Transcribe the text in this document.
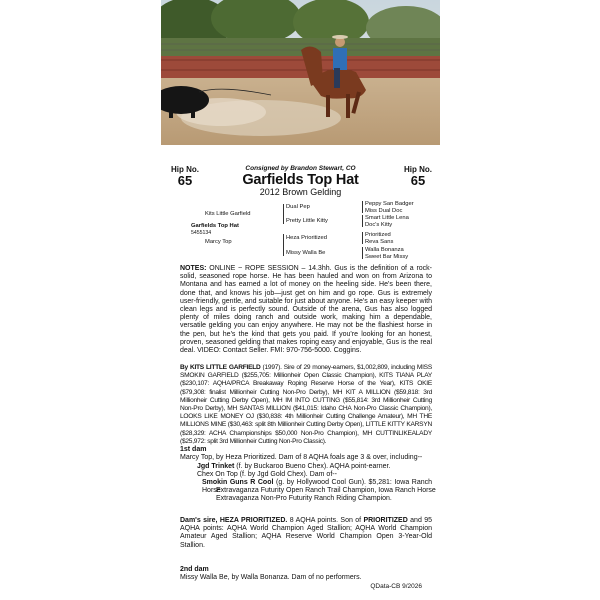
Hip No.
65
Hip No.
65
Consigned by Brandon Stewart, CO
Garfields Top Hat
2012 Brown Gelding
Kits Little Garfield
Garfields Top Hat
5455134
Marcy Top
Dual Pep
Pretty Little Kitty
Heza Prioritized
Missy Walla Be
Peppy San Badger
Miss Dual Doc
Smart Little Lena
Doc's Kitty
Prioritized
Reva Sans
Walla Bonanza
Sweet Bar Missy
NOTES: ONLINE ~ ROPE SESSION – 14.3hh. Gus is the definition of a rock-solid, seasoned rope horse. He has been hauled and won on from Arizona to Montana and has earned a lot of money on the heeling side. He's been there, done that, and knows his job—just get on him and go rope. Gus is extremely user-friendly, gentle, and suitable for just about anyone. He's an easy keeper with clean legs and is perfectly sound. Outside of the arena, Gus has also logged plenty of miles doing ranch and outside work, making him a dependable, versatile gelding you can enjoy anywhere. He may not be the flashiest horse in the pen, but he's the kind that gets you paid. If you're looking for an honest, proven, seasoned gelding that makes roping easy and enjoyable, Gus is the real deal. VIDEO: Contact Seller. FMI: 970-756-5000. Coggins.
By KITS LITTLE GARFIELD (1997). Sire of 29 money-earners, $1,002,809, including MISS SMOKIN GARFIELD ($255,705: Millionheir Open Classic Champion), KITS TIANA PLAY ($230,107: AQHA/PRCA Breakaway Roping Reserve Horse of the Year), KITS OKIE ($79,308: finalist Millionheir Cutting Non-Pro Derby), MH KIT A MILLION ($59,818: 3rd Millionheir Cutting Derby Open), MH IM INTO CUTTING ($55,814: 3rd Millionheir Cutting Non-Pro Derby), MH SANTAS MILLION ($41,015: Idaho CHA Non-Pro Classic Champion), LOOKS LIKE MONEY OJ ($30,838: 4th Millionheir Cutting Challenge Amateur), MH THE MILLIONS MINE ($30,463: split 8th Millionheir Cutting Derby Open), LITTLE KITTY KARSYN ($28,329: ACHA Championships $50,000 Non-Pro Champion), MH CUTTINLIKEALADY ($25,972: split 3rd Millionheir Cutting Non-Pro Classic).
1st dam
Marcy Top, by Heza Prioritized. Dam of 8 AQHA foals age 3 & over, including--
Jgd Trinket (f. by Buckaroo Bueno Chex). AQHA point-earner.
Chex On Top (f. by Jgd Gold Chex). Dam of--
Smokin Guns R Cool (g. by Hollywood Cool Gun). $5,281: Iowa Ranch Horse
Extravaganza Futurity Open Ranch Trail Champion, Iowa Ranch Horse
Extravaganza Non-Pro Futurity Ranch Riding Champion.
Dam's sire, HEZA PRIORITIZED. 8 AQHA points. Son of PRIORITIZED and 95 AQHA points: AQHA World Champion Aged Stallion; AQHA World Champion Amateur Aged Stallion; AQHA Reserve World Champion Open 3-Year-Old Stallion.
2nd dam
Missy Walla Be, by Walla Bonanza. Dam of no performers.
QData-CB 9/2026
